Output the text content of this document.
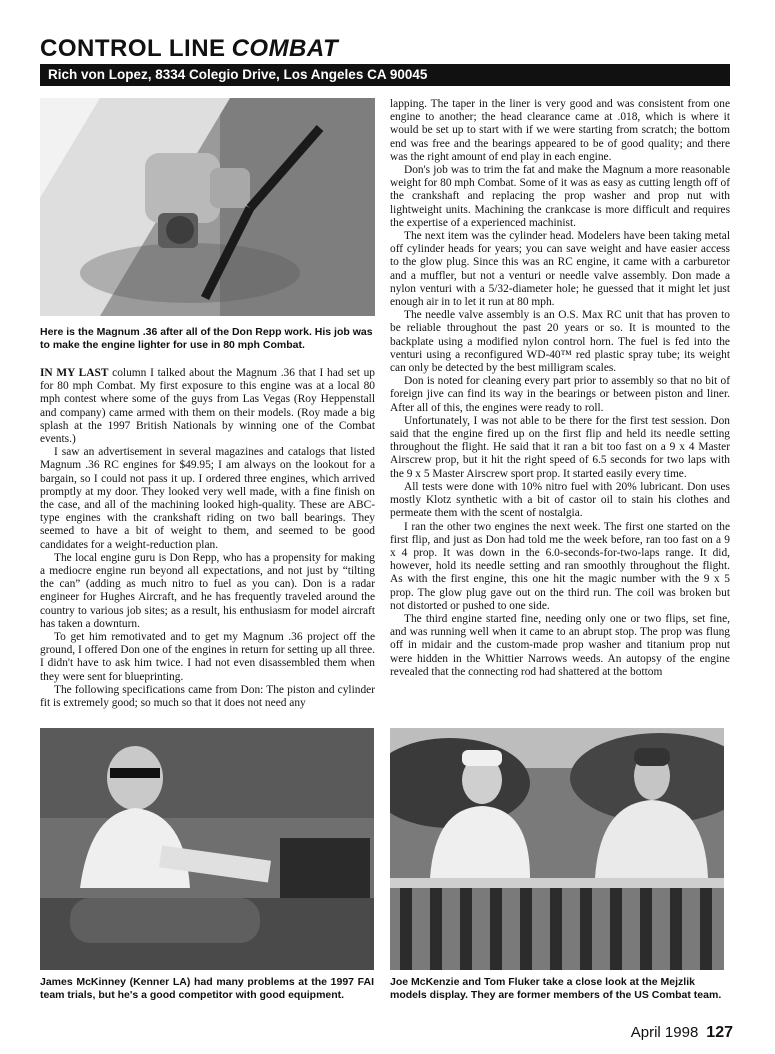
CONTROL LINE COMBAT
Rich von Lopez, 8334 Colegio Drive, Los Angeles CA 90045
Here is the Magnum .36 after all of the Don Repp work. His job was to make the engine lighter for use in 80 mph Combat.

IN MY LAST column I talked about the Magnum .36 that I had set up for 80 mph Combat. My first exposure to this engine was at a local 80 mph contest where some of the guys from Las Vegas (Roy Heppenstall and company) came armed with them on their models. (Roy made a big splash at the 1997 British Nationals by winning one of the Combat events.)

I saw an advertisement in several magazines and catalogs that listed Magnum .36 RC engines for $49.95; I am always on the lookout for a bargain, so I could not pass it up. I ordered three engines, which arrived promptly at my door. They looked very well made, with a fine finish on the case, and all of the machining looked high-quality. These are ABC-type engines with the crankshaft riding on two ball bearings. They seemed to have a bit of weight to them, and seemed to be good candidates for a weight-reduction plan.

The local engine guru is Don Repp, who has a propensity for making a mediocre engine run beyond all expectations, and not just by “tilting the can” (adding as much nitro to fuel as you can). Don is a radar engineer for Hughes Aircraft, and he has frequently traveled around the country to various job sites; as a result, his enthusiasm for model aircraft has taken a downturn.

To get him remotivated and to get my Magnum .36 project off the ground, I offered Don one of the engines in return for setting up all three. I didn't have to ask him twice. I had not even disassembled them when they were sent for blueprinting.

The following specifications came from Don: The piston and cylinder fit is extremely good; so much so that it does not need any

lapping. The taper in the liner is very good and was consistent from one engine to another; the head clearance came at .018, which is where it would be set up to start with if we were starting from scratch; the bottom end was free and the bearings appeared to be of good quality; and there was the right amount of end play in each engine.

Don's job was to trim the fat and make the Magnum a more reasonable weight for 80 mph Combat. Some of it was as easy as cutting length off of the crankshaft and replacing the prop washer and prop nut with lightweight units. Machining the crankcase is more difficult and requires the expertise of a experienced machinist.

The next item was the cylinder head. Modelers have been taking metal off cylinder heads for years; you can save weight and have easier access to the glow plug. Since this was an RC engine, it came with a carburetor and a muffler, but not a venturi or needle valve assembly. Don made a nylon venturi with a 5/32-diameter hole; he guessed that it might let just enough air in to let it run at 80 mph.

The needle valve assembly is an O.S. Max RC unit that has proven to be reliable throughout the past 20 years or so. It is mounted to the backplate using a modified nylon control horn. The fuel is fed into the venturi using a reconfigured WD-40™ red plastic spray tube; its weight can only be detected by the best milligram scales.

Don is noted for cleaning every part prior to assembly so that no bit of foreign jive can find its way in the bearings or between piston and liner. After all of this, the engines were ready to roll.

Unfortunately, I was not able to be there for the first test session. Don said that the engine fired up on the first flip and held its needle setting throughout the flight. He said that it ran a bit too fast on a 9 x 4 Master Airscrew prop, but it hit the right speed of 6.5 seconds for two laps with the 9 x 5 Master Airscrew sport prop. It started easily every time.

All tests were done with 10% nitro fuel with 20% lubricant. Don uses mostly Klotz synthetic with a bit of castor oil to stain his clothes and permeate them with the scent of nostalgia.

I ran the other two engines the next week. The first one started on the first flip, and just as Don had told me the week before, ran too fast on a 9 x 4 prop. It was down in the 6.0-seconds-for-two-laps range. It did, however, hold its needle setting and ran smoothly throughout the flight. As with the first engine, this one hit the magic number with the 9 x 5 prop. The glow plug gave out on the third run. The coil was broken but not distorted or pushed to one side.

The third engine started fine, needing only one or two flips, set fine, and was running well when it came to an abrupt stop. The prop was flung off in midair and the custom-made prop washer and titanium prop nut were hidden in the Whittier Narrows weeds. An autopsy of the engine revealed that the connecting rod had shattered at the bottom

James McKinney (Kenner LA) had many problems at the 1997 FAI team trials, but he's a good competitor with good equipment.
Joe McKenzie and Tom Fluker take a close look at the Mejzlik models display. They are former members of the US Combat team.
April 1998 127
